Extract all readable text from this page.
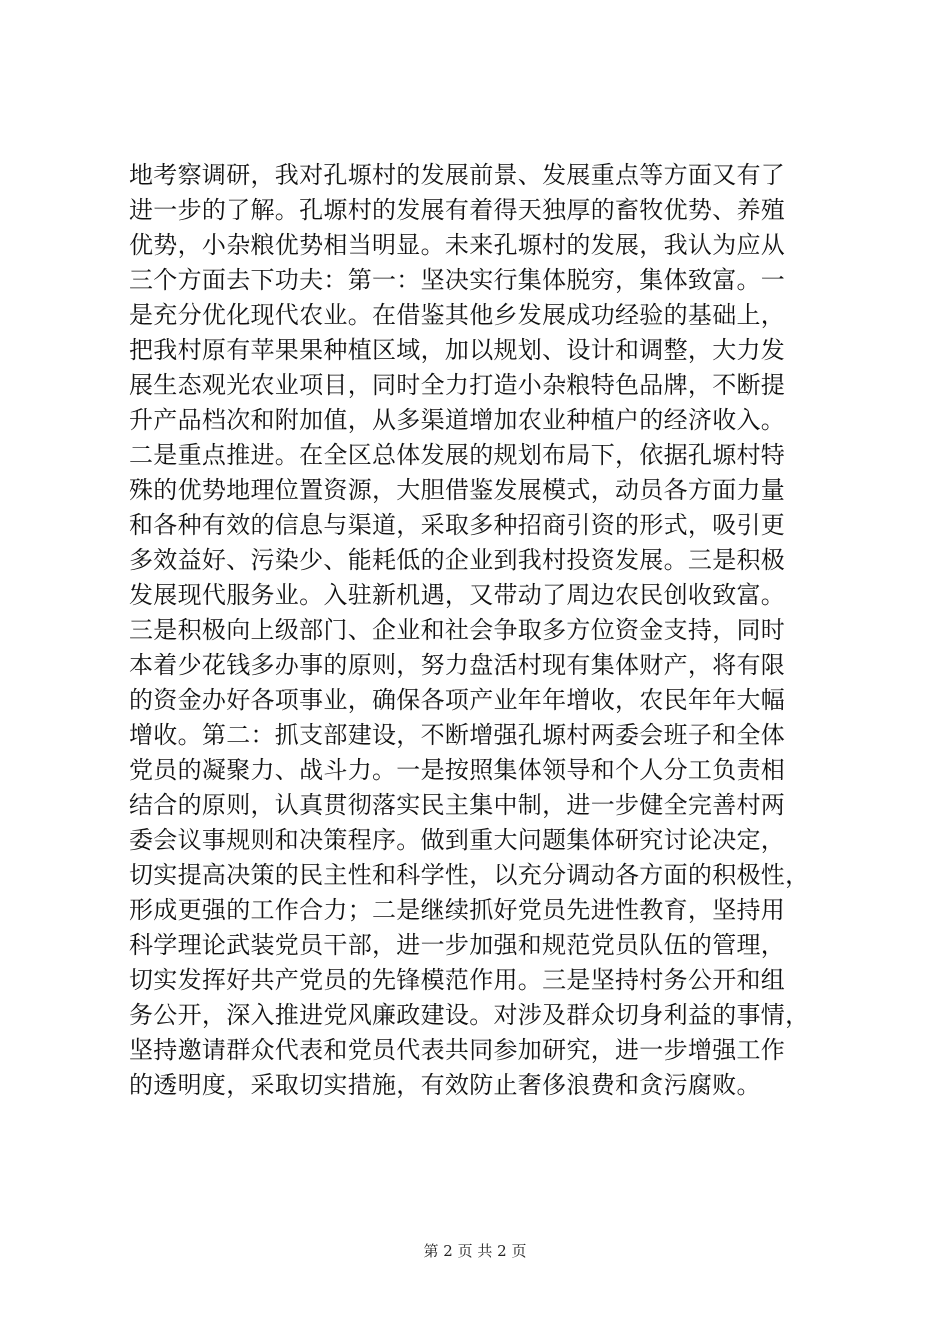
地考察调研，我对孔塬村的发展前景、发展重点等方面又有了
进一步的了解。孔塬村的发展有着得天独厚的畜牧优势、养殖
优势，小杂粮优势相当明显。未来孔塬村的发展，我认为应从
三个方面去下功夫：第一：坚决实行集体脱穷，集体致富。一
是充分优化现代农业。在借鉴其他乡发展成功经验的基础上，
把我村原有苹果果种植区域，加以规划、设计和调整，大力发
展生态观光农业项目，同时全力打造小杂粮特色品牌，不断提
升产品档次和附加值，从多渠道增加农业种植户的经济收入。
二是重点推进。在全区总体发展的规划布局下，依据孔塬村特
殊的优势地理位置资源，大胆借鉴发展模式，动员各方面力量
和各种有效的信息与渠道，采取多种招商引资的形式，吸引更
多效益好、污染少、能耗低的企业到我村投资发展。三是积极
发展现代服务业。入驻新机遇，又带动了周边农民创收致富。
三是积极向上级部门、企业和社会争取多方位资金支持，同时
本着少花钱多办事的原则，努力盘活村现有集体财产，将有限
的资金办好各项事业，确保各项产业年年增收，农民年年大幅
增收。第二：抓支部建设，不断增强孔塬村两委会班子和全体
党员的凝聚力、战斗力。一是按照集体领导和个人分工负责相
结合的原则，认真贯彻落实民主集中制，进一步健全完善村两
委会议事规则和决策程序。做到重大问题集体研究讨论决定，
切实提高决策的民主性和科学性，以充分调动各方面的积极性，
形成更强的工作合力；二是继续抓好党员先进性教育，坚持用
科学理论武装党员干部，进一步加强和规范党员队伍的管理，
切实发挥好共产党员的先锋模范作用。三是坚持村务公开和组
务公开，深入推进党风廉政建设。对涉及群众切身利益的事情，
坚持邀请群众代表和党员代表共同参加研究，进一步增强工作
的透明度，采取切实措施，有效防止奢侈浪费和贪污腐败。
第 2 页 共 2 页
